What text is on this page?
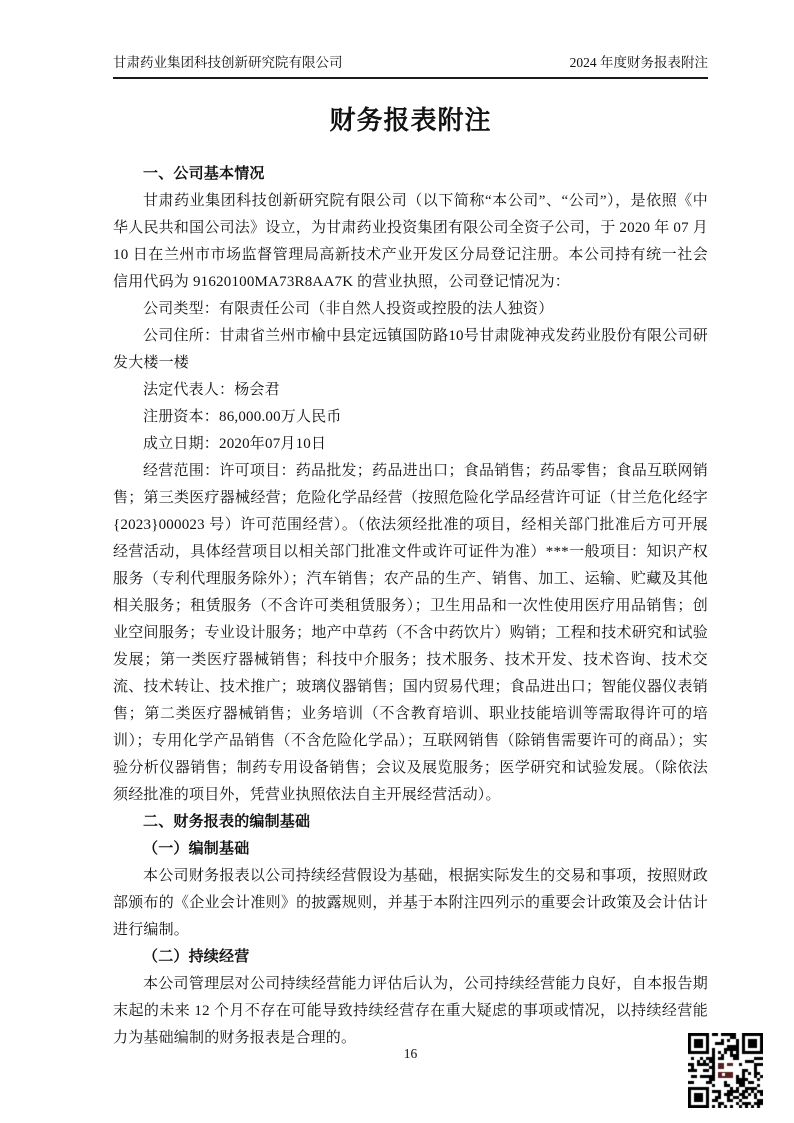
甘肃药业集团科技创新研究院有限公司	2024 年度财务报表附注
财务报表附注

一、公司基本情况

甘肃药业集团科技创新研究院有限公司（以下简称“本公司”、“公司”），是依照《中华人民共和国公司法》设立，为甘肃药业投资集团有限公司全资子公司，于 2020 年 07 月 10 日在兰州市市场监督管理局高新技术产业开发区分局登记注册。本公司持有统一社会信用代码为 91620100MA73R8AA7K 的营业执照，公司登记情况为：

公司类型：有限责任公司（非自然人投资或控股的法人独资）

公司住所：甘肃省兰州市榆中县定远镇国防路10号甘肃陇神戎发药业股份有限公司研发大楼一楼

法定代表人：杨会君

注册资本：86,000.00万人民币

成立日期：2020年07月10日

经营范围：许可项目：药品批发；药品进出口；食品销售；药品零售；食品互联网销售；第三类医疗器械经营；危险化学品经营（按照危险化学品经营许可证（甘兰危化经字{2023}000023 号）许可范围经营）。（依法须经批准的项目，经相关部门批准后方可开展经营活动，具体经营项目以相关部门批准文件或许可证件为准）***一般项目：知识产权服务（专利代理服务除外）；汽车销售；农产品的生产、销售、加工、运输、贮藏及其他相关服务；租赁服务（不含许可类租赁服务）；卫生用品和一次性使用医疗用品销售；创业空间服务；专业设计服务；地产中草药（不含中药饮片）购销；工程和技术研究和试验发展；第一类医疗器械销售；科技中介服务；技术服务、技术开发、技术咨询、技术交流、技术转让、技术推广；玻璃仪器销售；国内贸易代理；食品进出口；智能仪器仪表销售；第二类医疗器械销售；业务培训（不含教育培训、职业技能培训等需取得许可的培训）；专用化学产品销售（不含危险化学品）；互联网销售（除销售需要许可的商品）；实验分析仪器销售；制药专用设备销售；会议及展览服务；医学研究和试验发展。（除依法须经批准的项目外，凭营业执照依法自主开展经营活动）。

二、财务报表的编制基础

（一）编制基础

本公司财务报表以公司持续经营假设为基础，根据实际发生的交易和事项，按照财政部颁布的《企业会计准则》的披露规则，并基于本附注四列示的重要会计政策及会计估计进行编制。

（二）持续经营

本公司管理层对公司持续经营能力评估后认为，公司持续经营能力良好，自本报告期末起的未来 12 个月不存在可能导致持续经营存在重大疑虑的事项或情况，以持续经营能力为基础编制的财务报表是合理的。

16
